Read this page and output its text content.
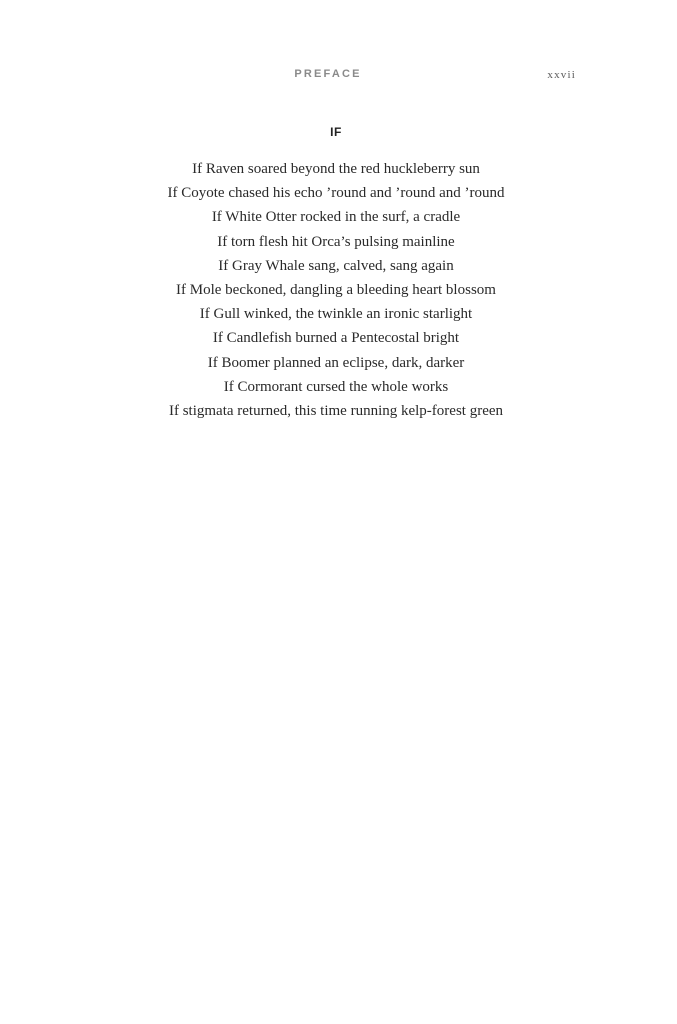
PREFACE	xxvii
IF
If Raven soared beyond the red huckleberry sun
If Coyote chased his echo ’round and ’round and ’round
If White Otter rocked in the surf, a cradle
If torn flesh hit Orca’s pulsing mainline
If Gray Whale sang, calved, sang again
If Mole beckoned, dangling a bleeding heart blossom
If Gull winked, the twinkle an ironic starlight
If Candlefish burned a Pentecostal bright
If Boomer planned an eclipse, dark, darker
If Cormorant cursed the whole works
If stigmata returned, this time running kelp-forest green
